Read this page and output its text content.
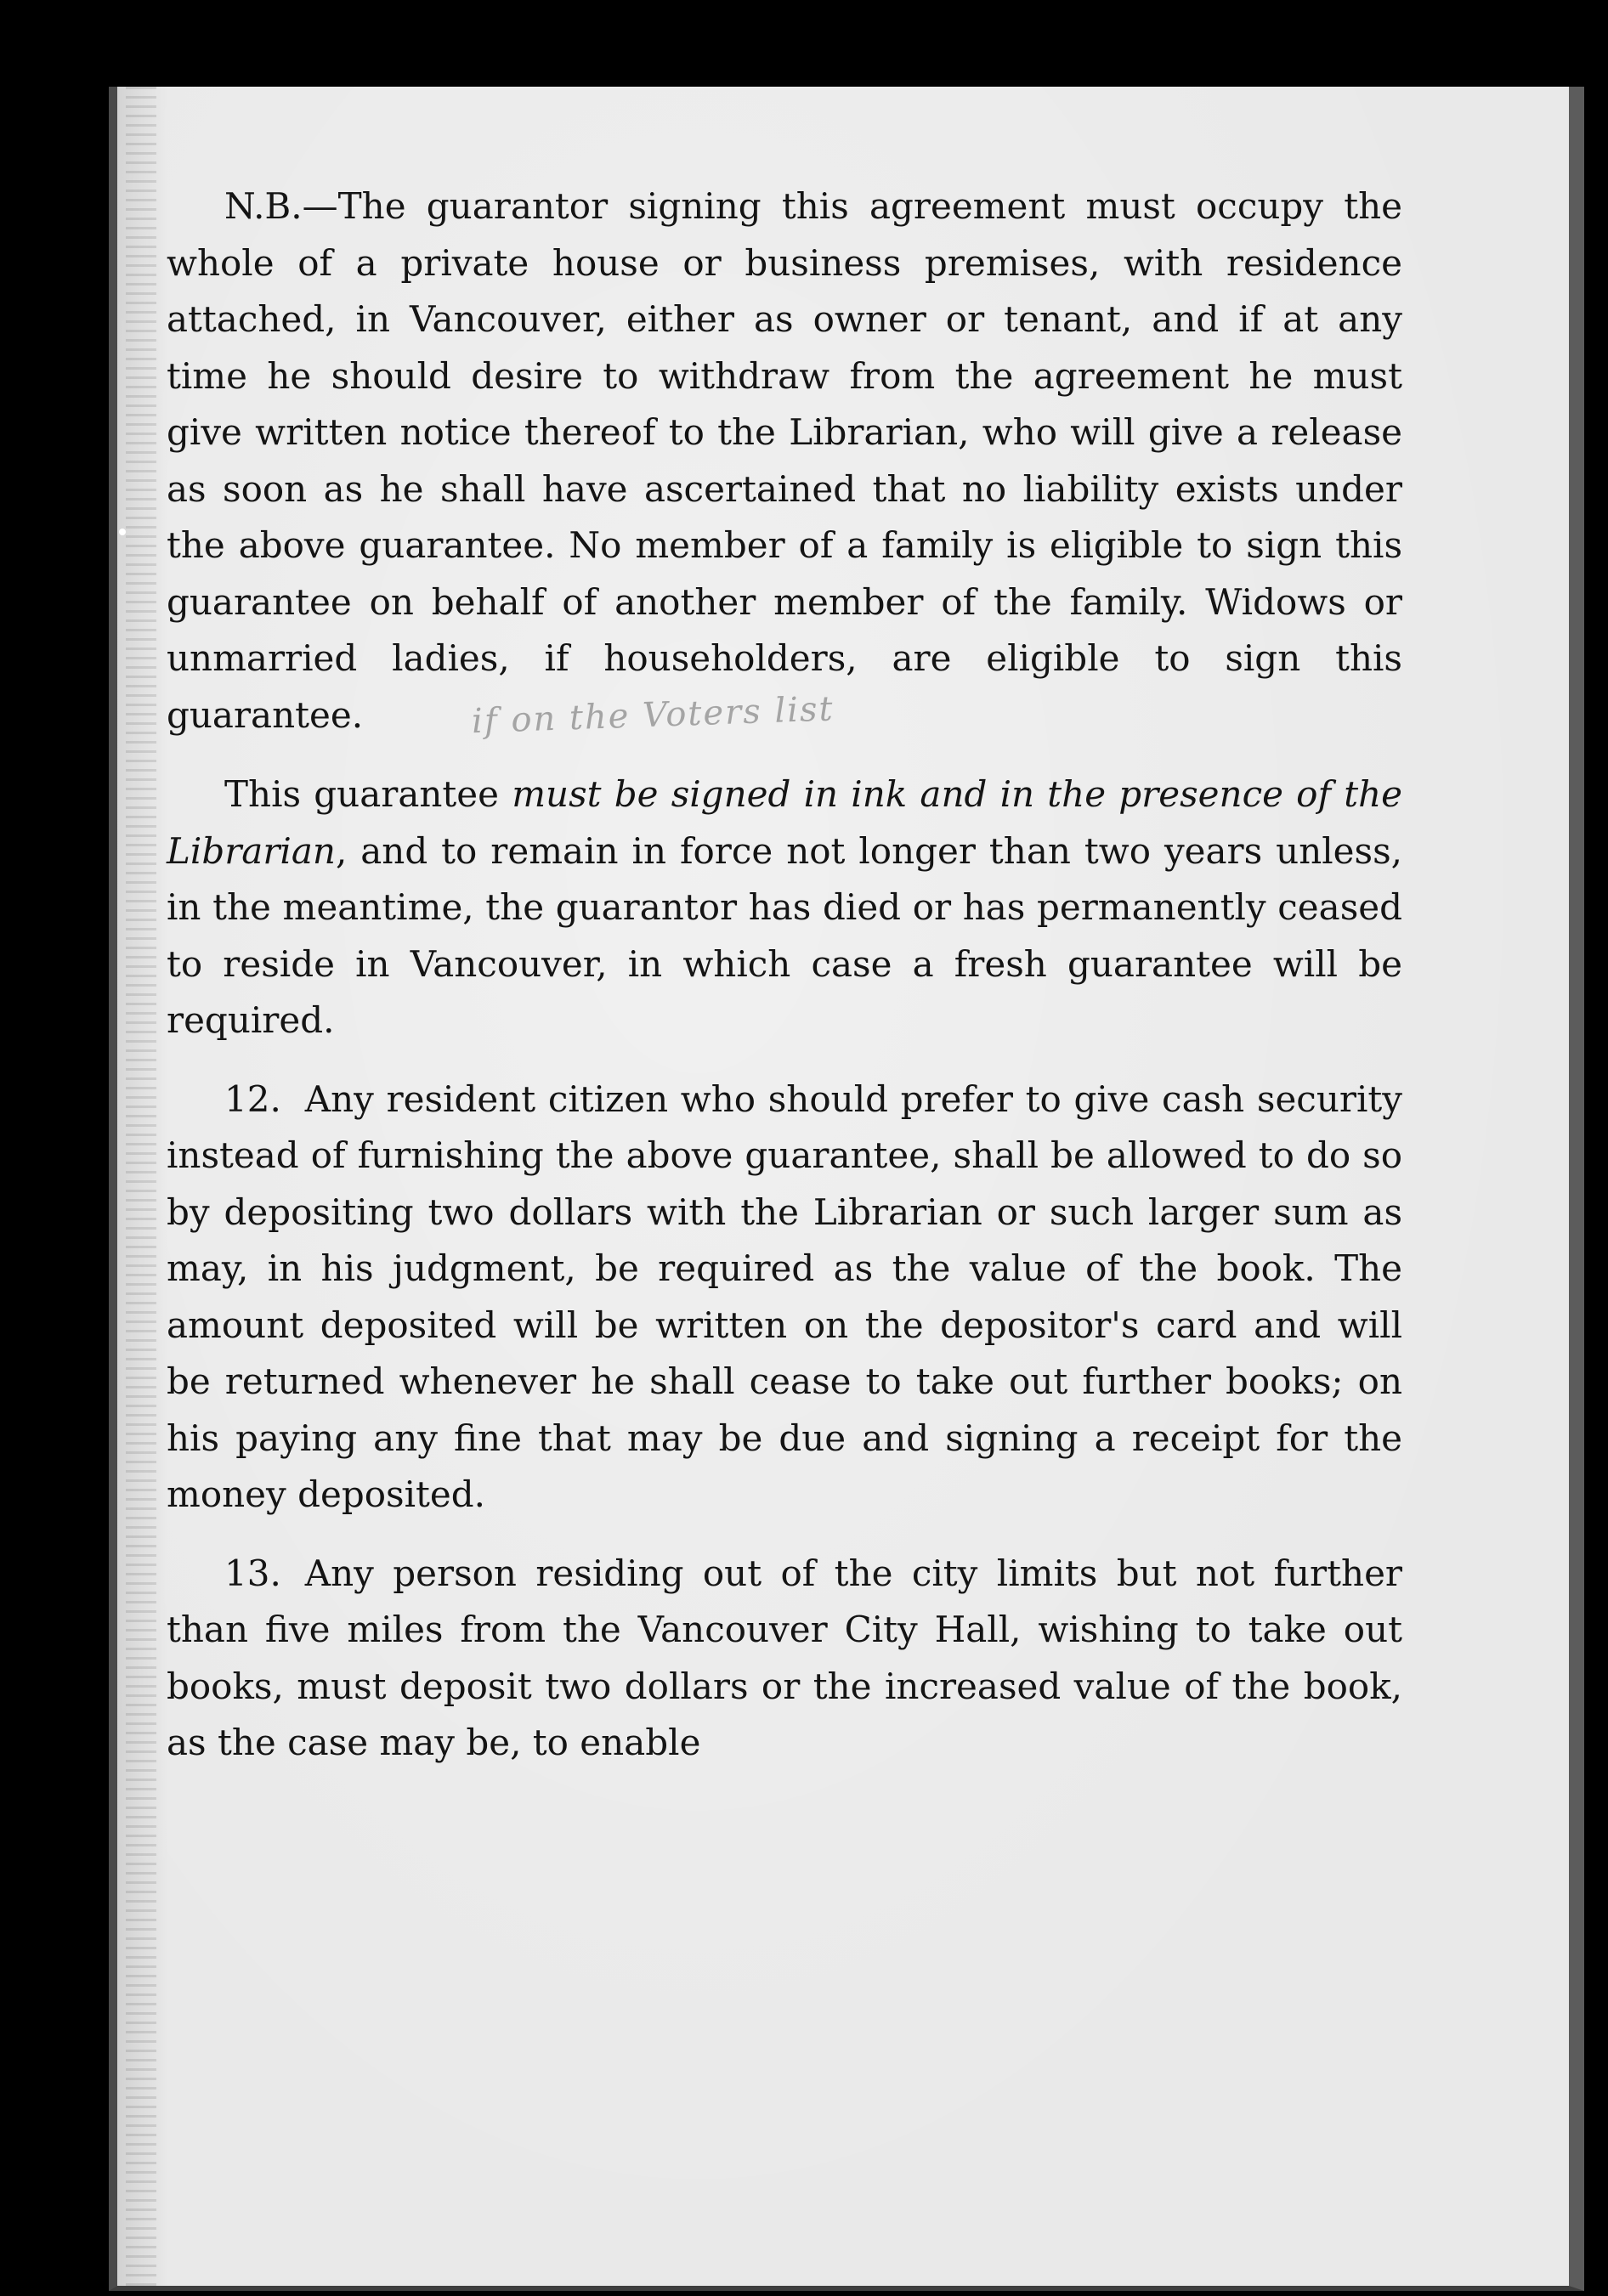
N.B.—The guarantor signing this agreement must occupy the whole of a private house or business premises, with residence attached, in Vancouver, either as owner or tenant, and if at any time he should desire to withdraw from the agreement he must give written notice thereof to the Librarian, who will give a release as soon as he shall have ascertained that no liability exists under the above guarantee. No member of a family is eligible to sign this guarantee on behalf of another member of the family. Widows or unmarried ladies, if householders, are eligible to sign this guarantee.	if on the Voters list

This guarantee must be signed in ink and in the presence of the Librarian, and to remain in force not longer than two years unless, in the meantime, the guarantor has died or has permanently ceased to reside in Vancouver, in which case a fresh guarantee will be required.

12. Any resident citizen who should prefer to give cash security instead of furnishing the above guarantee, shall be allowed to do so by depositing two dollars with the Librarian or such larger sum as may, in his judgment, be required as the value of the book. The amount deposited will be written on the depositor's card and will be returned whenever he shall cease to take out further books; on his paying any fine that may be due and signing a receipt for the money deposited.

13. Any person residing out of the city limits but not further than five miles from the Vancouver City Hall, wishing to take out books, must deposit two dollars or the increased value of the book, as the case may be, to enable
